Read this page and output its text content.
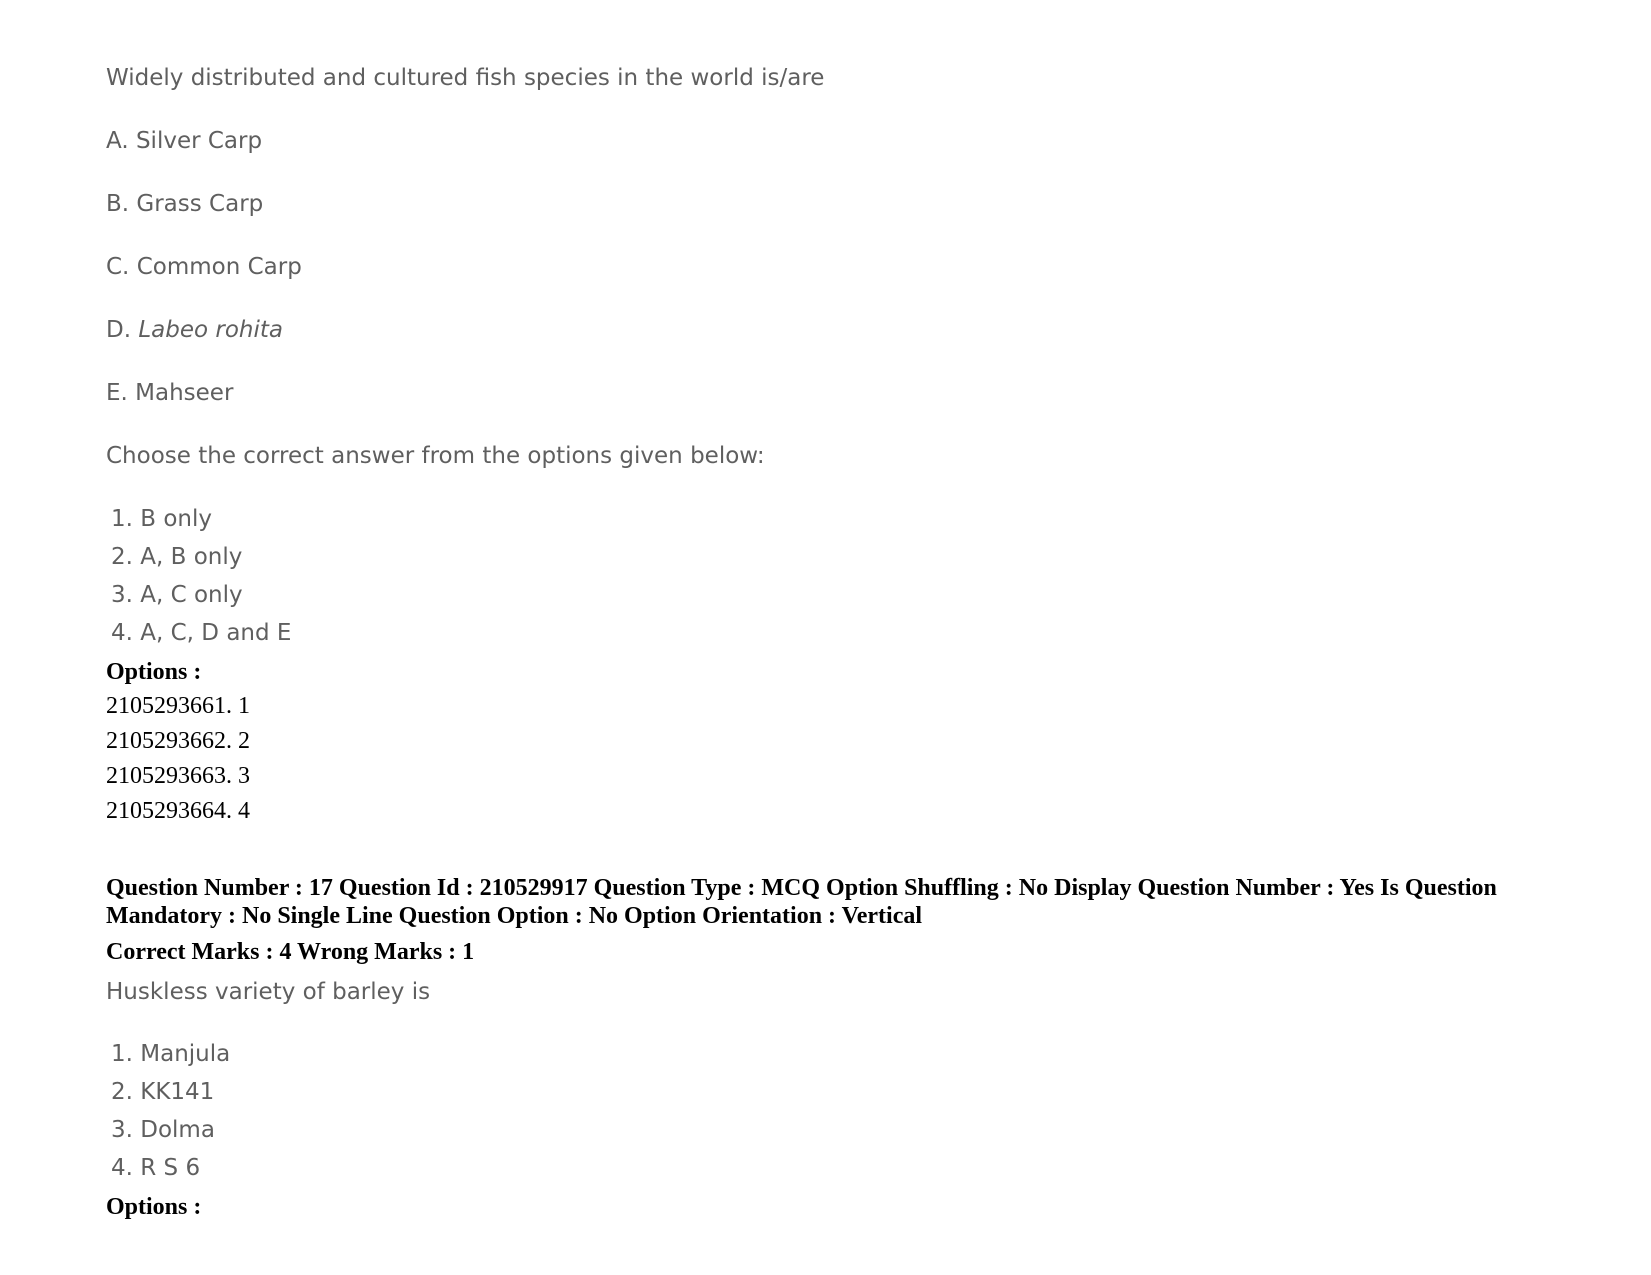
Widely distributed and cultured fish species in the world is/are
A. Silver Carp
B. Grass Carp
C. Common Carp
D. Labeo rohita
E. Mahseer
Choose the correct answer from the options given below:
1. B only
2. A, B only
3. A, C only
4. A, C, D and E
Options :
2105293661. 1
2105293662. 2
2105293663. 3
2105293664. 4
Question Number : 17 Question Id : 210529917 Question Type : MCQ Option Shuffling : No Display Question Number : Yes Is Question Mandatory : No Single Line Question Option : No Option Orientation : Vertical
Correct Marks : 4 Wrong Marks : 1
Huskless variety of barley is
1. Manjula
2. KK141
3. Dolma
4. R S 6
Options :
